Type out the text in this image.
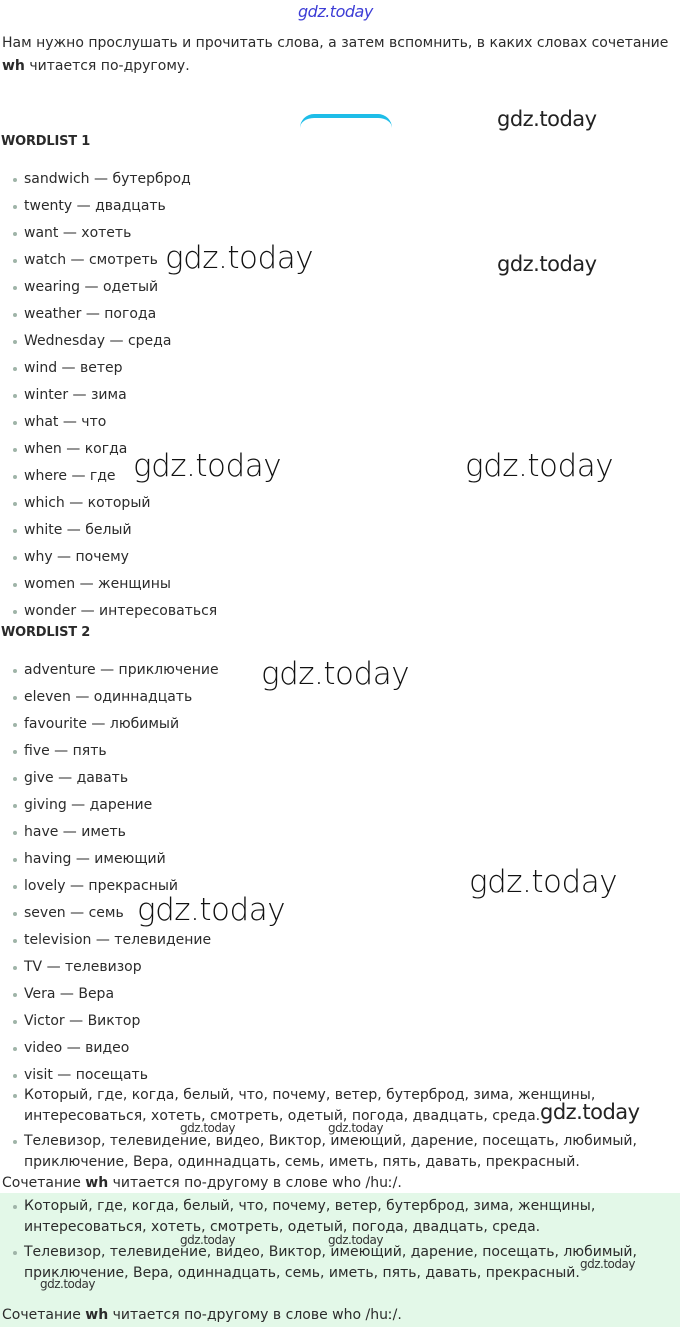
gdz.today
Нам нужно прослушать и прочитать слова, а затем вспомнить, в каких словах сочетание wh читается по-другому.
WORDLIST 1
sandwich — бутерброд
twenty — двадцать
want — хотеть
watch — смотреть
wearing — одетый
weather — погода
Wednesday — среда
wind — ветер
winter — зима
what — что
when — когда
where — где
which — который
white — белый
why — почему
women — женщины
wonder — интересоваться
WORDLIST 2
adventure — приключение
eleven — одиннадцать
favourite — любимый
five — пять
give — давать
giving — дарение
have — иметь
having — имеющий
lovely — прекрасный
seven — семь
television — телевидение
TV — телевизор
Vera — Вера
Victor — Виктор
video — видео
visit — посещать
Который, где, когда, белый, что, почему, ветер, бутерброд, зима, женщины, интересоваться, хотеть, смотреть, одетый, погода, двадцать, среда.
Телевизор, телевидение, видео, Виктор, имеющий, дарение, посещать, любимый, приключение, Вера, одиннадцать, семь, иметь, пять, давать, прекрасный.
Сочетание wh читается по-другому в слове who /huː/.
Который, где, когда, белый, что, почему, ветер, бутерброд, зима, женщины, интересоваться, хотеть, смотреть, одетый, погода, двадцать, среда.
Телевизор, телевидение, видео, Виктор, имеющий, дарение, посещать, любимый, приключение, Вера, одиннадцать, семь, иметь, пять, давать, прекрасный.
Сочетание wh читается по-другому в слове who /huː/.
gdz.today
gdz.today	gdz.today
gdz.today	gdz.today
gdz.today
gdz.today
gdz.today
gdz.today
gdz.today	gdz.today
gdz.today	gdz.today
gdz.today
gdz.today
